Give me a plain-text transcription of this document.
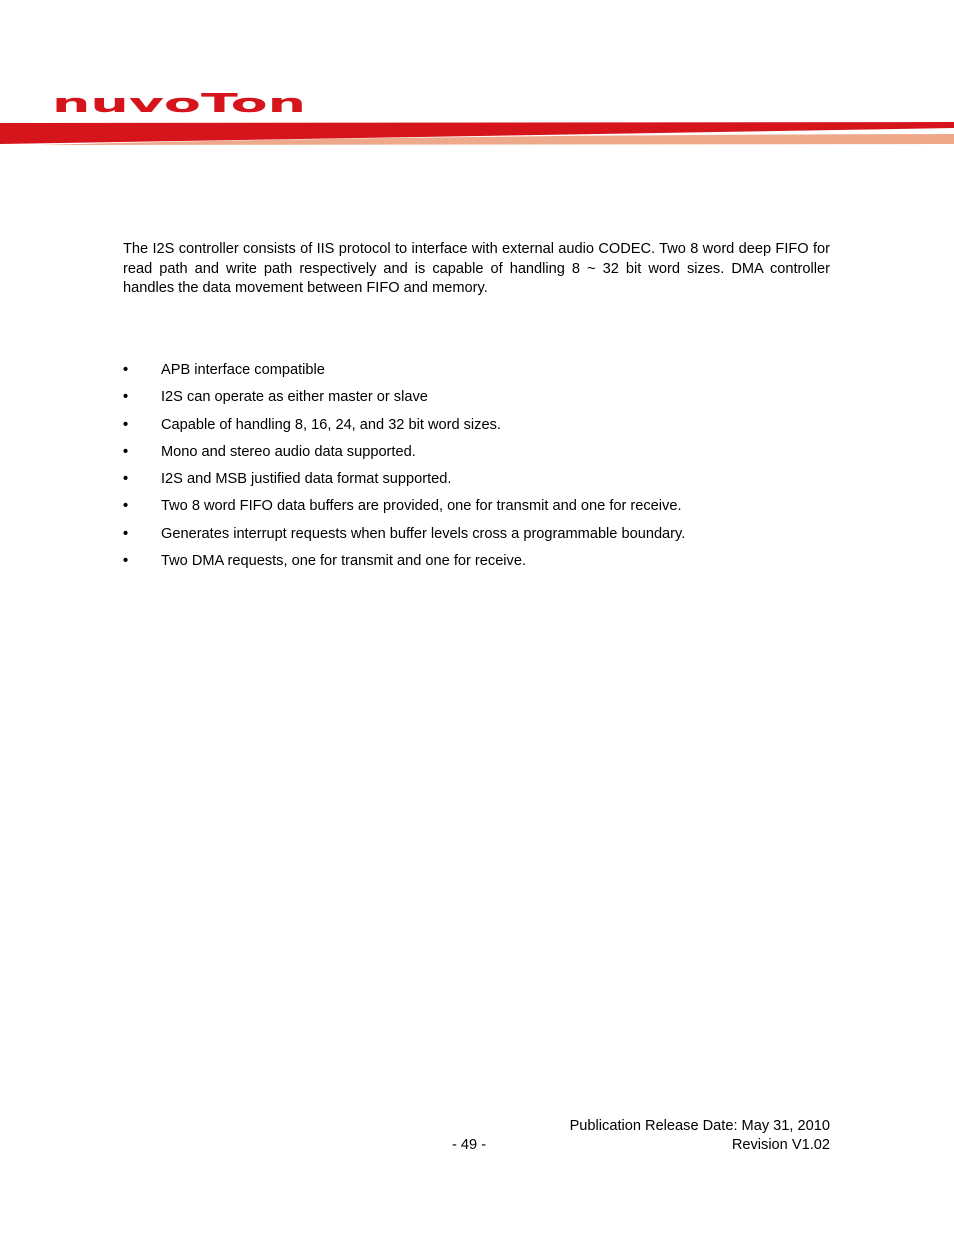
nuvoTon
The I2S controller consists of IIS protocol to interface with external audio CODEC. Two 8 word deep FIFO for read path and write path respectively and is capable of handling 8 ~ 32 bit word sizes. DMA controller handles the data movement between FIFO and memory.
• APB interface compatible
• I2S can operate as either master or slave
• Capable of handling 8, 16, 24, and 32 bit word sizes.
• Mono and stereo audio data supported.
• I2S and MSB justified data format supported.
• Two 8 word FIFO data buffers are provided, one for transmit and one for receive.
• Generates interrupt requests when buffer levels cross a programmable boundary.
• Two DMA requests, one for transmit and one for receive.
Publication Release Date: May 31, 2010
- 49 -	Revision V1.02
